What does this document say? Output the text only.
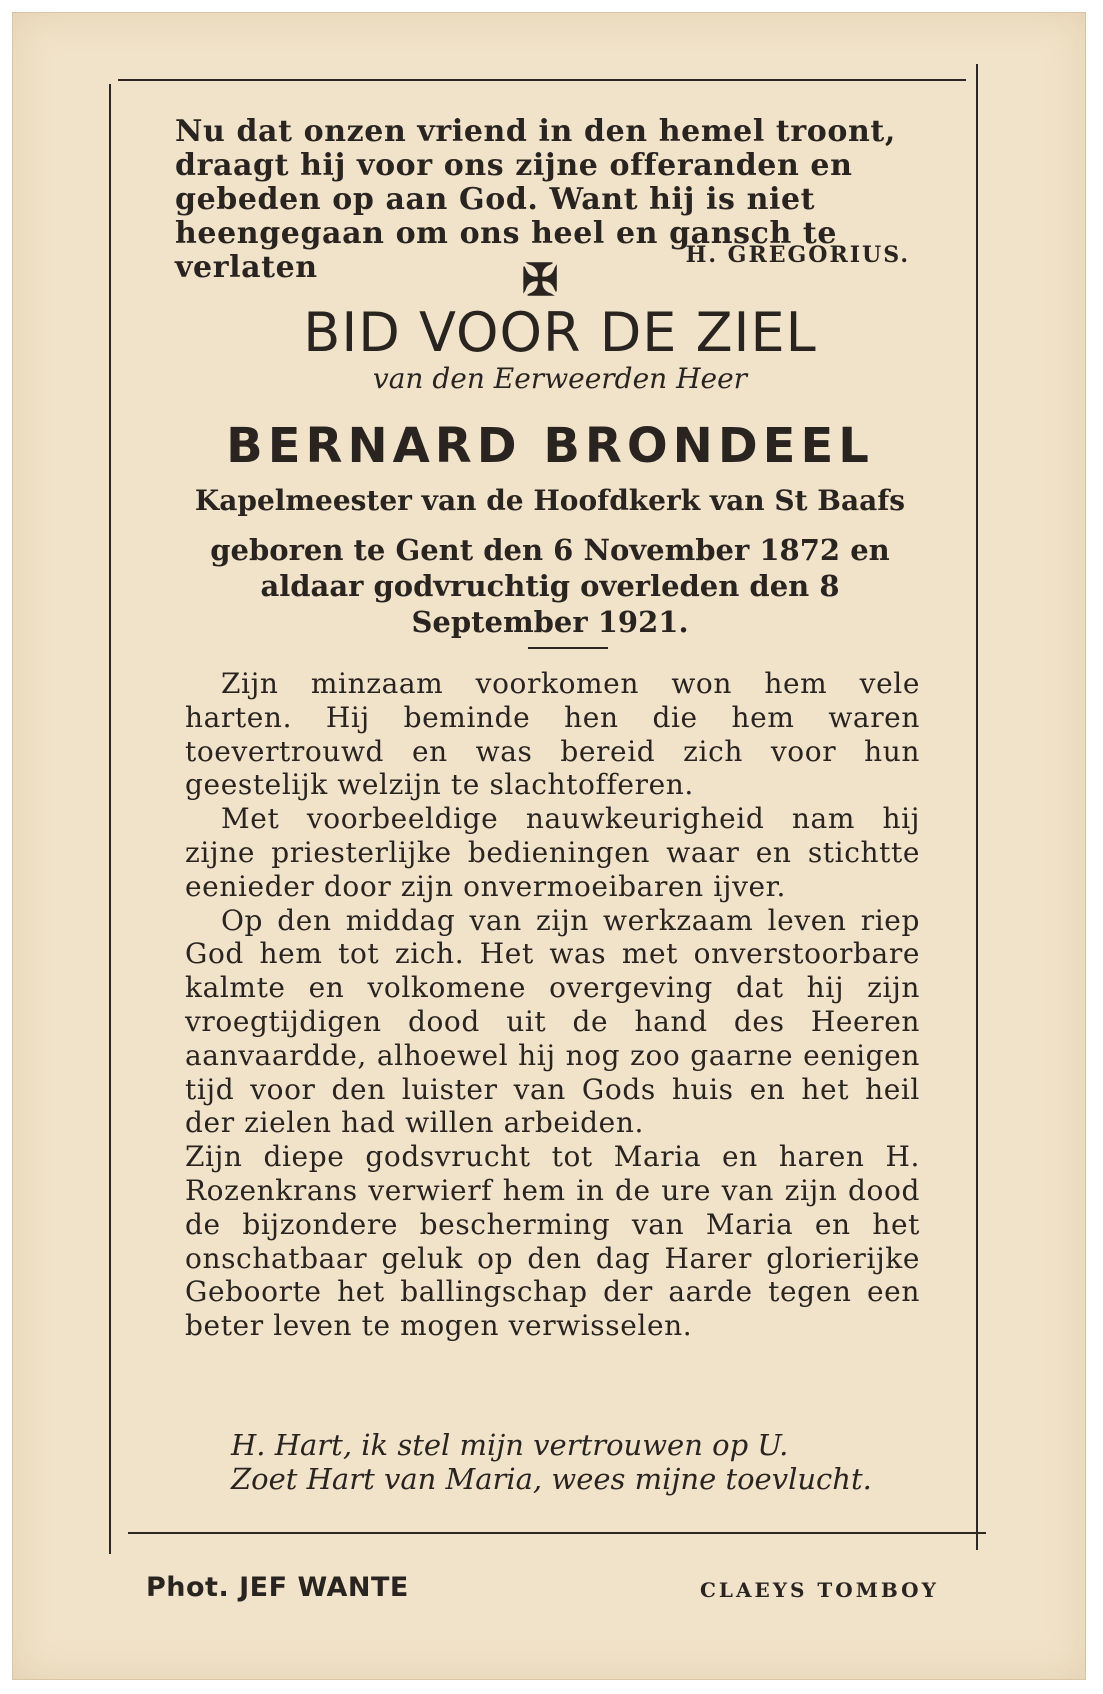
Nu dat onzen vriend in den hemel troont, draagt hij voor ons zijne offeranden en gebeden op aan God. Want hij is niet heengegaan om ons heel en gansch te verlaten	H. GREGORIUS.
✠
BID VOOR DE ZIEL
van den Eerweerden Heer
BERNARD BRONDEEL
Kapelmeester van de Hoofdkerk van St Baafs
geboren te Gent den 6 November 1872 en aldaar godvruchtig overleden den 8 September 1921.

Zijn minzaam voorkomen won hem vele harten. Hij beminde hen die hem waren toevertrouwd en was bereid zich voor hun geestelijk welzijn te slachtofferen.

Met voorbeeldige nauwkeurigheid nam hij zijne priesterlijke bedieningen waar en stichtte eenieder door zijn onvermoeibaren ijver.

Op den middag van zijn werkzaam leven riep God hem tot zich. Het was met onverstoorbare kalmte en volkomene overgeving dat hij zijn vroegtijdigen dood uit de hand des Heeren aanvaardde, alhoewel hij nog zoo gaarne eenigen tijd voor den luister van Gods huis en het heil der zielen had willen arbeiden.

Zijn diepe godsvrucht tot Maria en haren H. Rozenkrans verwierf hem in de ure van zijn dood de bijzondere bescherming van Maria en het onschatbaar geluk op den dag Harer glorierijke Geboorte het ballingschap der aarde tegen een beter leven te mogen verwisselen.

H. Hart, ik stel mijn vertrouwen op U.

Zoet Hart van Maria, wees mijne toevlucht.

Phot. JEF WANTE	CLAEYS TOMBOY
